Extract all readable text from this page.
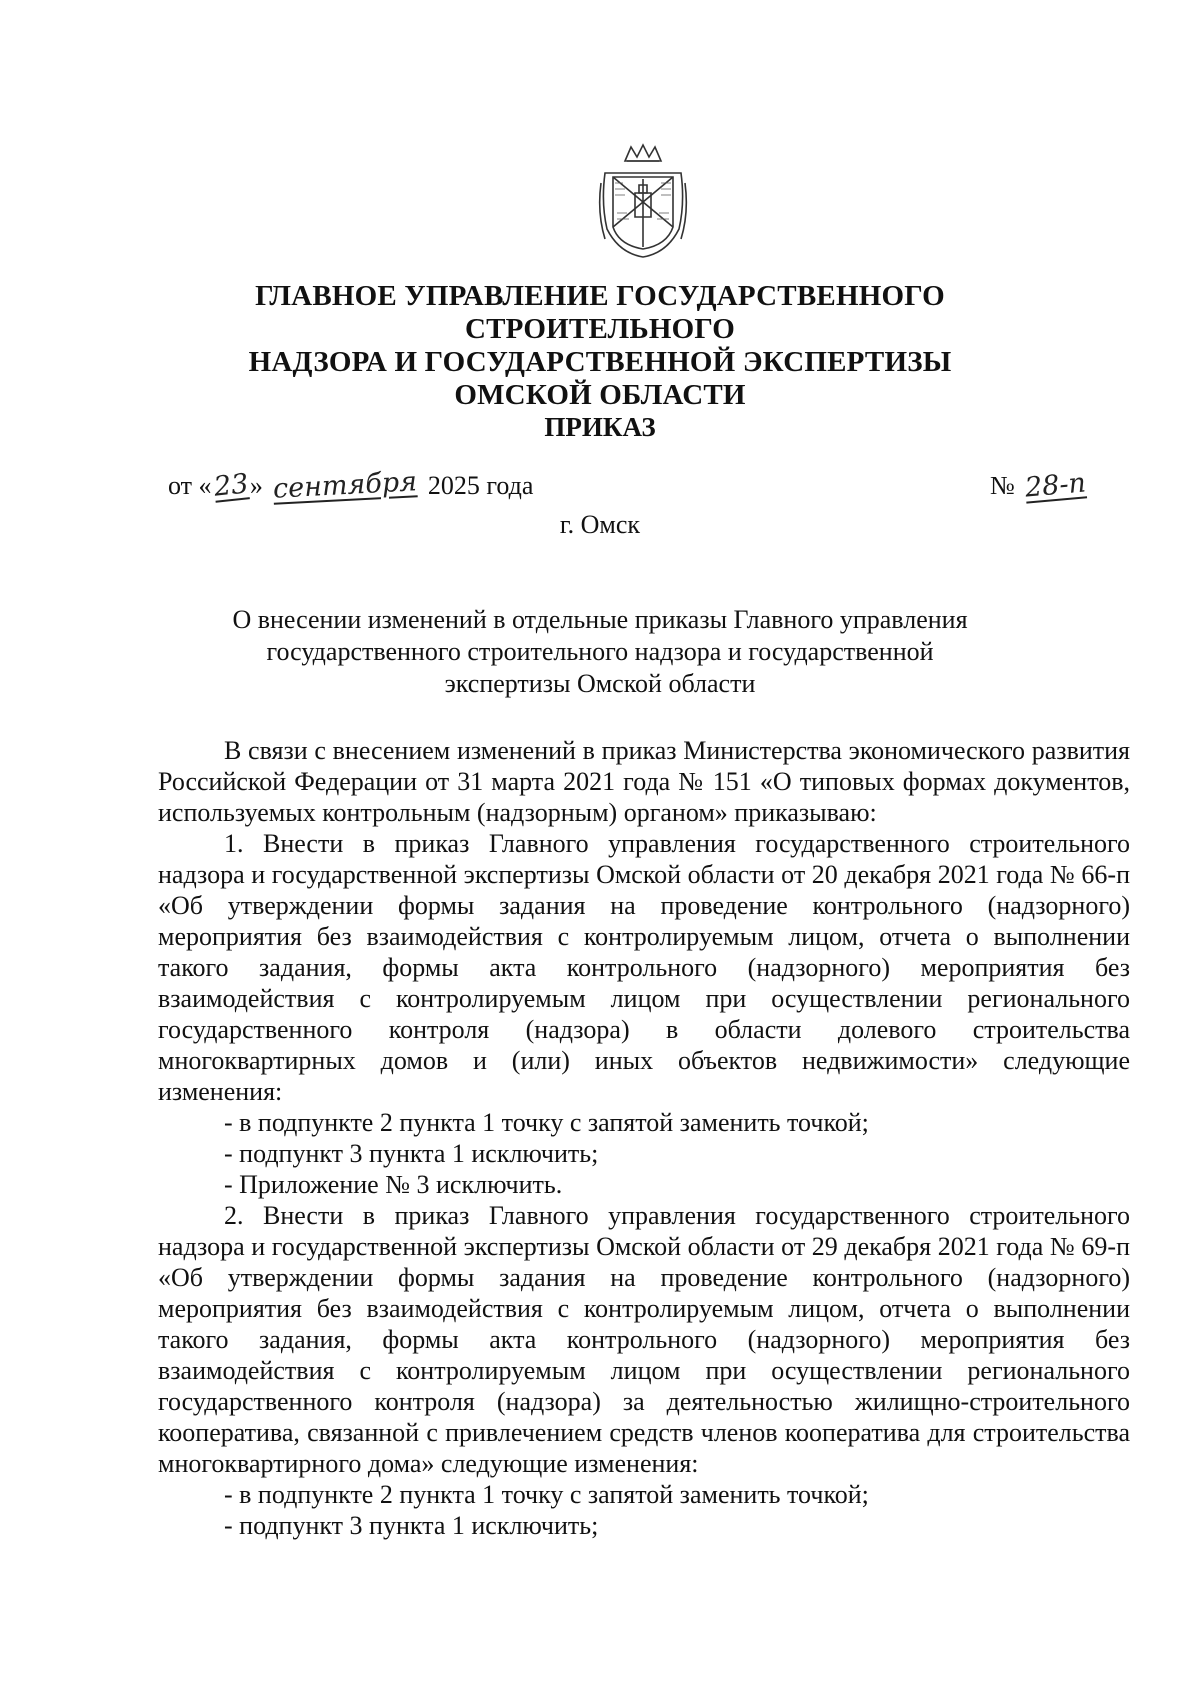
ГЛАВНОЕ УПРАВЛЕНИЕ ГОСУДАРСТВЕННОГО СТРОИТЕЛЬНОГО
НАДЗОРА И ГОСУДАРСТВЕННОЙ ЭКСПЕРТИЗЫ
ОМСКОЙ ОБЛАСТИ
ПРИКАЗ
от «23» сентября 2025 года	№ 28-п
г. Омск
О внесении изменений в отдельные приказы Главного управления
государственного строительного надзора и государственной
экспертизы Омской области

В связи с внесением изменений в приказ Министерства экономического развития Российской Федерации от 31 марта 2021 года № 151 «О типовых формах документов, используемых контрольным (надзорным) органом» приказываю:

1. Внести в приказ Главного управления государственного строительного надзора и государственной экспертизы Омской области от 20 декабря 2021 года № 66-п «Об утверждении формы задания на проведение контрольного (надзорного) мероприятия без взаимодействия с контролируемым лицом, отчета о выполнении такого задания, формы акта контрольного (надзорного) мероприятия без взаимодействия с контролируемым лицом при осуществлении регионального государственного контроля (надзора) в области долевого строительства многоквартирных домов и (или) иных объектов недвижимости» следующие изменения:

- в подпункте 2 пункта 1 точку с запятой заменить точкой;

- подпункт 3 пункта 1 исключить;

- Приложение № 3 исключить.

2. Внести в приказ Главного управления государственного строительного надзора и государственной экспертизы Омской области от 29 декабря 2021 года № 69-п «Об утверждении формы задания на проведение контрольного (надзорного) мероприятия без взаимодействия с контролируемым лицом, отчета о выполнении такого задания, формы акта контрольного (надзорного) мероприятия без взаимодействия с контролируемым лицом при осуществлении регионального государственного контроля (надзора) за деятельностью жилищно-строительного кооператива, связанной с привлечением средств членов кооператива для строительства многоквартирного дома» следующие изменения:

- в подпункте 2 пункта 1 точку с запятой заменить точкой;

- подпункт 3 пункта 1 исключить;
